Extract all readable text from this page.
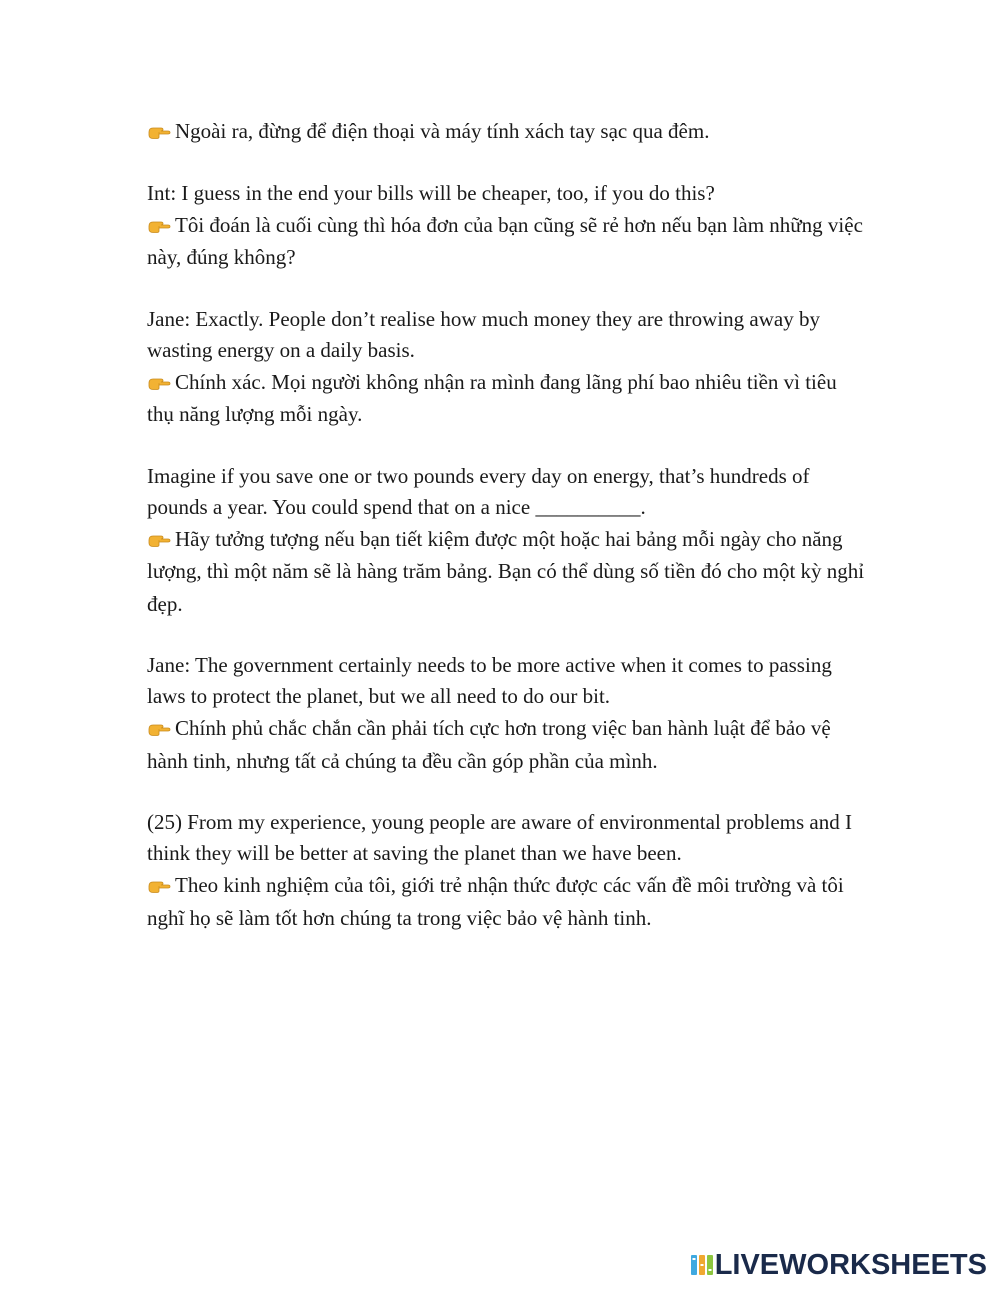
Ngoài ra, đừng để điện thoại và máy tính xách tay sạc qua đêm.

Int: I guess in the end your bills will be cheaper, too, if you do this?

Tôi đoán là cuối cùng thì hóa đơn của bạn cũng sẽ rẻ hơn nếu bạn làm những việc này, đúng không?

Jane: Exactly. People don’t realise how much money they are throwing away by wasting energy on a daily basis.

Chính xác. Mọi người không nhận ra mình đang lãng phí bao nhiêu tiền vì tiêu thụ năng lượng mỗi ngày.

Imagine if you save one or two pounds every day on energy, that’s hundreds of pounds a year. You could spend that on a nice __________.

Hãy tưởng tượng nếu bạn tiết kiệm được một hoặc hai bảng mỗi ngày cho năng lượng, thì một năm sẽ là hàng trăm bảng. Bạn có thể dùng số tiền đó cho một kỳ nghỉ đẹp.

Jane: The government certainly needs to be more active when it comes to passing laws to protect the planet, but we all need to do our bit.

Chính phủ chắc chắn cần phải tích cực hơn trong việc ban hành luật để bảo vệ hành tinh, nhưng tất cả chúng ta đều cần góp phần của mình.

(25) From my experience, young people are aware of environmental problems and I think they will be better at saving the planet than we have been.

Theo kinh nghiệm của tôi, giới trẻ nhận thức được các vấn đề môi trường và tôi nghĩ họ sẽ làm tốt hơn chúng ta trong việc bảo vệ hành tinh.

LIVEWORKSHEETS
